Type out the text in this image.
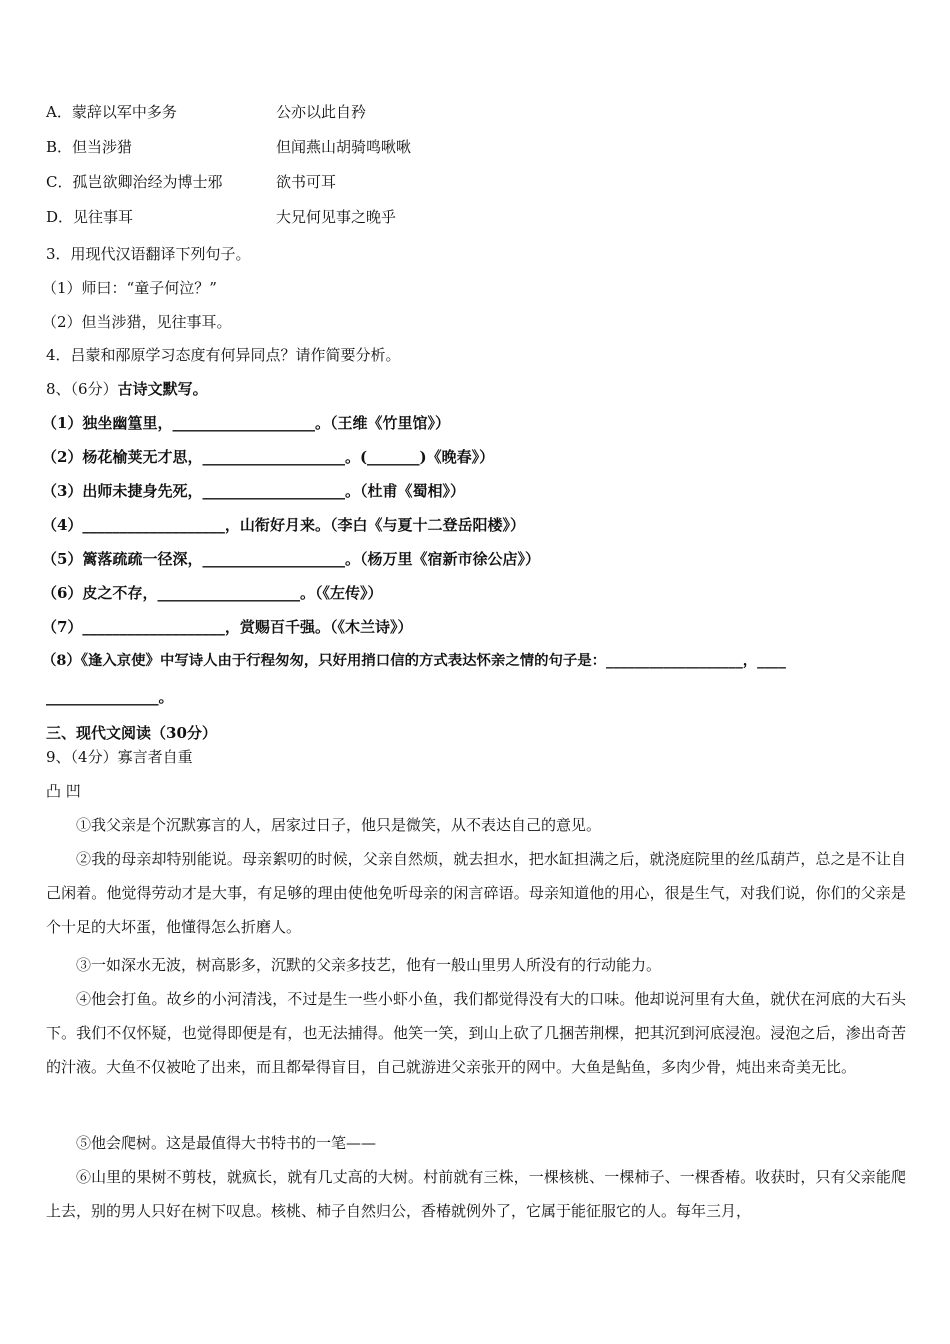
A．蒙辞以军中多务	公亦以此自矜
B．但当涉猎	但闻燕山胡骑鸣啾啾
C．孤岂欲卿治经为博士邪	欲书可耳
D．见往事耳	大兄何见事之晚乎
3．用现代汉语翻译下列句子。
（1）师曰：“童子何泣？”
（2）但当涉猎，见往事耳。
4．吕蒙和邴原学习态度有何异同点？请作简要分析。
8、（6分）古诗文默写。
（1）独坐幽篁里，___________________。（王维《竹里馆》）
（2）杨花榆荚无才思，___________________。(_______)《晚春》）
（3）出师未捷身先死，___________________。（杜甫《蜀相》）
（4）___________________，山衔好月来。（李白《与夏十二登岳阳楼》）
（5）篱落疏疏一径深，___________________。（杨万里《宿新市徐公店》）
（6）皮之不存，___________________。（《左传》）
（7）___________________，赏赐百千强。（《木兰诗》）
（8）《逢入京使》中写诗人由于行程匆匆，只好用捎口信的方式表达怀亲之情的句子是：___________________，____
_______________。
三、现代文阅读（30分）
9、（4分）寡言者自重
凸 凹
①我父亲是个沉默寡言的人，居家过日子，他只是微笑，从不表达自己的意见。
②我的母亲却特别能说。母亲絮叨的时候，父亲自然烦，就去担水，把水缸担满之后，就浇庭院里的丝瓜葫芦，总之是不让自己闲着。他觉得劳动才是大事，有足够的理由使他免听母亲的闲言碎语。母亲知道他的用心，很是生气，对我们说，你们的父亲是个十足的大坏蛋，他懂得怎么折磨人。
③一如深水无波，树高影多，沉默的父亲多技艺，他有一般山里男人所没有的行动能力。
④他会打鱼。故乡的小河清浅，不过是生一些小虾小鱼，我们都觉得没有大的口味。他却说河里有大鱼，就伏在河底的大石头下。我们不仅怀疑，也觉得即便是有，也无法捕得。他笑一笑，到山上砍了几捆苦荆棵，把其沉到河底浸泡。浸泡之后，渗出奇苦的汁液。大鱼不仅被呛了出来，而且都晕得盲目，自己就游进父亲张开的网中。大鱼是鲇鱼，多肉少骨，炖出来奇美无比。
⑤他会爬树。这是最值得大书特书的一笔——
⑥山里的果树不剪枝，就疯长，就有几丈高的大树。村前就有三株，一棵核桃、一棵柿子、一棵香椿。收获时，只有父亲能爬上去，别的男人只好在树下叹息。核桃、柿子自然归公，香椿就例外了，它属于能征服它的人。每年三月，
